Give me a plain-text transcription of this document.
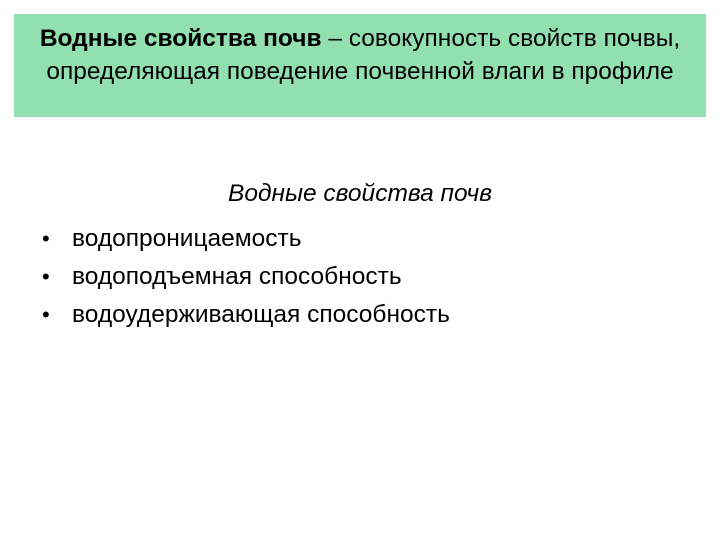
Водные свойства почв – совокупность свойств почвы, определяющая поведение почвенной влаги в профиле
Водные свойства почв
• водопроницаемость
• водоподъемная способность
• водоудерживающая способность
